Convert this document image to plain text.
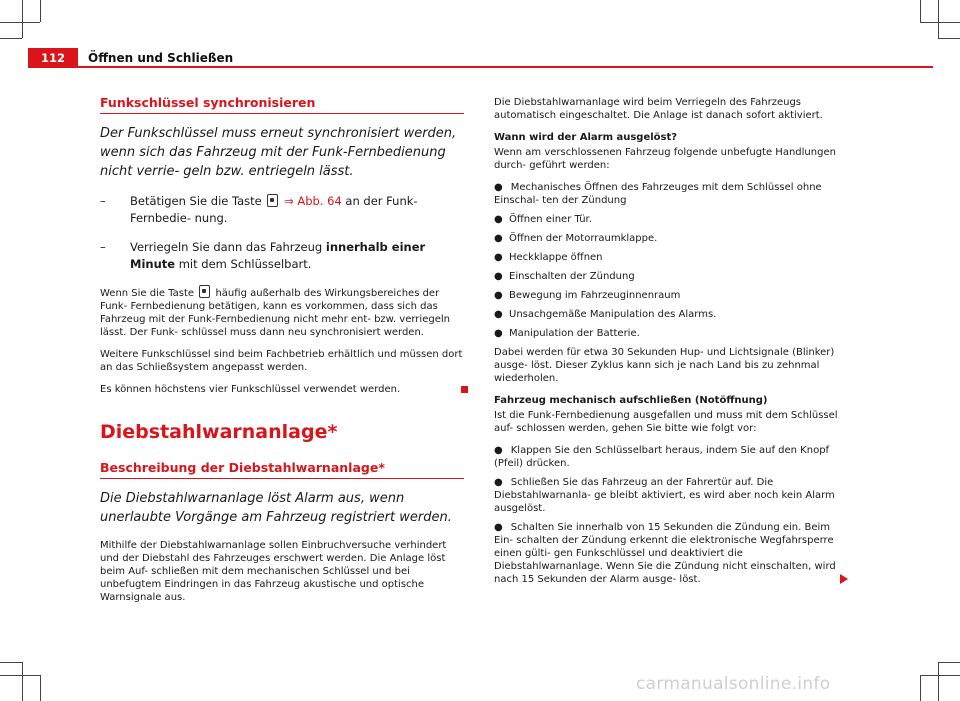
112	Öffnen und Schließen
Funkschlüssel synchronisieren

Der Funkschlüssel muss erneut synchronisiert werden, wenn sich das Fahrzeug mit der Funk-Fernbedienung nicht verrie- geln bzw. entriegeln lässt.

– Betätigen Sie die Taste ⇒ Abb. 64 an der Funk-Fernbedie- nung.
– Verriegeln Sie dann das Fahrzeug innerhalb einer Minute mit dem Schlüsselbart.

Wenn Sie die Taste häufig außerhalb des Wirkungsbereiches der Funk- Fernbedienung betätigen, kann es vorkommen, dass sich das Fahrzeug mit der Funk-Fernbedienung nicht mehr ent- bzw. verriegeln lässt. Der Funk- schlüssel muss dann neu synchronisiert werden.

Weitere Funkschlüssel sind beim Fachbetrieb erhältlich und müssen dort an das Schließsystem angepasst werden.

Es können höchstens vier Funkschlüssel verwendet werden.

Diebstahlwarnanlage*
Beschreibung der Diebstahlwarnanlage*

Die Diebstahlwarnanlage löst Alarm aus, wenn unerlaubte Vorgänge am Fahrzeug registriert werden.

Mithilfe der Diebstahlwarnanlage sollen Einbruchversuche verhindert und der Diebstahl des Fahrzeuges erschwert werden. Die Anlage löst beim Auf- schließen mit dem mechanischen Schlüssel und bei unbefugtem Eindringen in das Fahrzeug akustische und optische Warnsignale aus.

Die Diebstahlwarnanlage wird beim Verriegeln des Fahrzeugs automatisch eingeschaltet. Die Anlage ist danach sofort aktiviert.

Wann wird der Alarm ausgelöst?

Wenn am verschlossenen Fahrzeug folgende unbefugte Handlungen durch- geführt werden:

● Mechanisches Öffnen des Fahrzeuges mit dem Schlüssel ohne Einschal- ten der Zündung
● Öffnen einer Tür.
● Öffnen der Motorraumklappe.
● Heckklappe öffnen
● Einschalten der Zündung
● Bewegung im Fahrzeuginnenraum
● Unsachgemäße Manipulation des Alarms.
● Manipulation der Batterie.

Dabei werden für etwa 30 Sekunden Hup- und Lichtsignale (Blinker) ausge- löst. Dieser Zyklus kann sich je nach Land bis zu zehnmal wiederholen.

Fahrzeug mechanisch aufschließen (Notöffnung)

Ist die Funk-Fernbedienung ausgefallen und muss mit dem Schlüssel auf- schlossen werden, gehen Sie bitte wie folgt vor:

● Klappen Sie den Schlüsselbart heraus, indem Sie auf den Knopf (Pfeil) drücken.
● Schließen Sie das Fahrzeug an der Fahrertür auf. Die Diebstahlwarnanla- ge bleibt aktiviert, es wird aber noch kein Alarm ausgelöst.
● Schalten Sie innerhalb von 15 Sekunden die Zündung ein. Beim Ein- schalten der Zündung erkennt die elektronische Wegfahrsperre einen gülti- gen Funkschlüssel und deaktiviert die Diebstahlwarnanlage. Wenn Sie die Zündung nicht einschalten, wird nach 15 Sekunden der Alarm ausge- löst.
carmanualsonline.info
